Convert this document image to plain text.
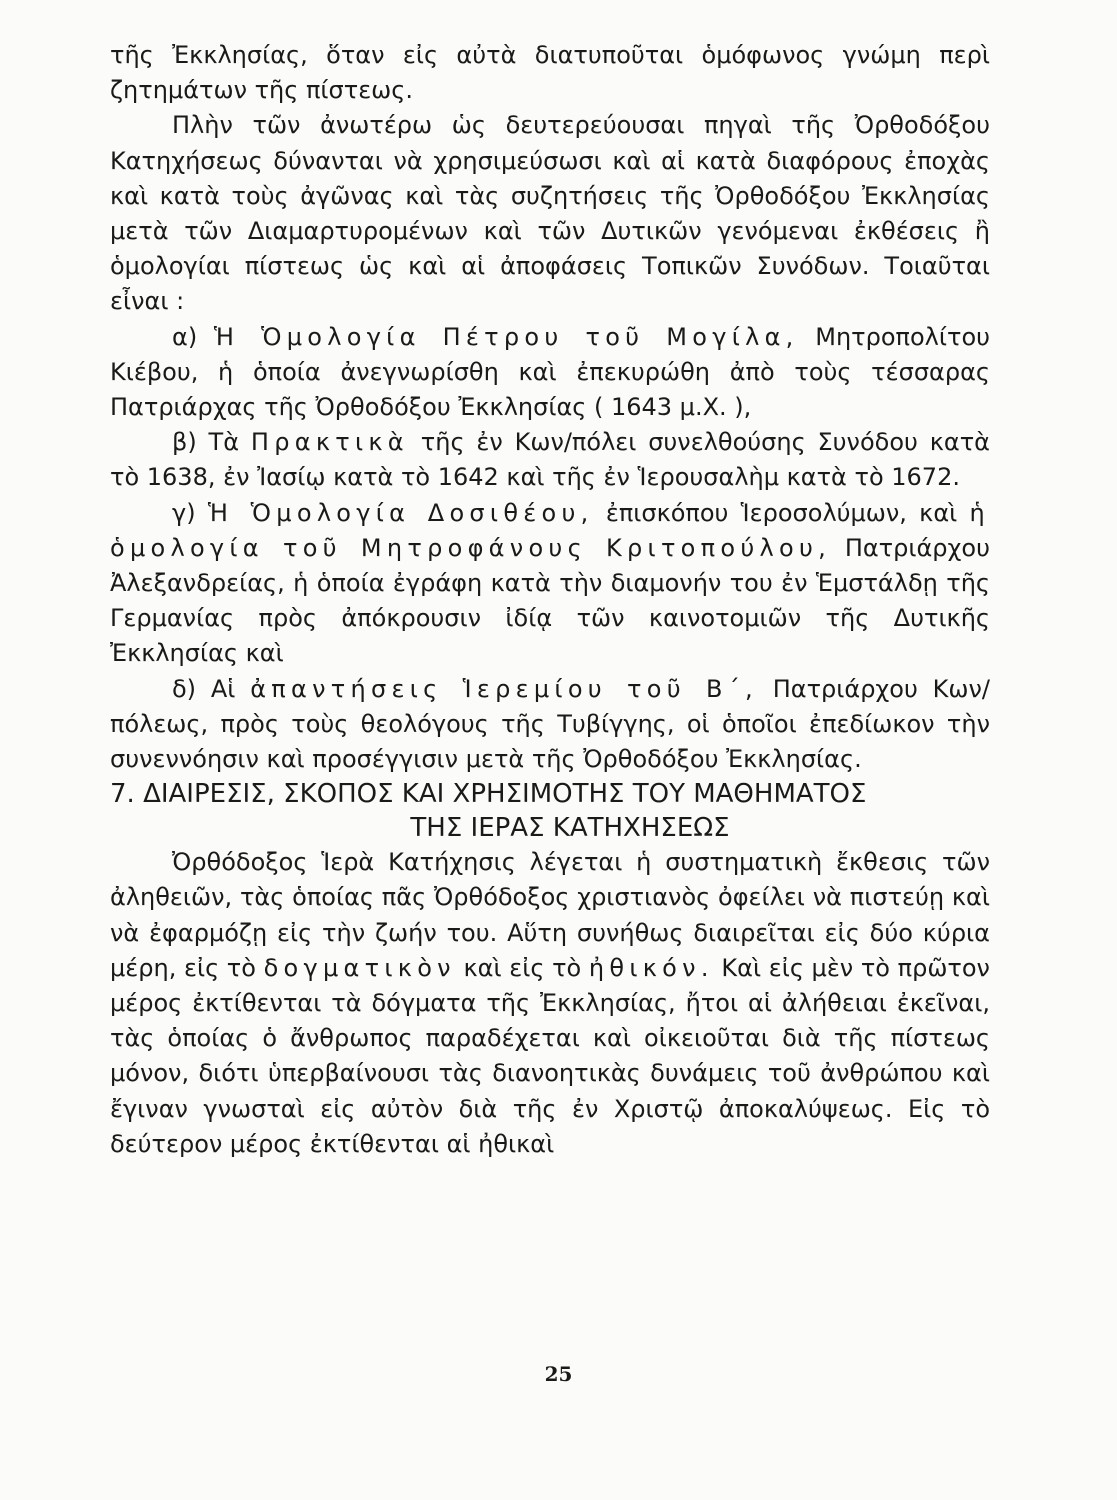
τῆς Ἐκκλησίας, ὅταν εἰς αὐτὰ διατυποῦται ὁμόφωνος γνώμη περὶ ζητημάτων τῆς πίστεως.

Πλὴν τῶν ἀνωτέρω ὡς δευτερεύουσαι πηγαὶ τῆς Ὀρθοδόξου Κατηχήσεως δύνανται νὰ χρησιμεύσωσι καὶ αἱ κατὰ διαφόρους ἐποχὰς καὶ κατὰ τοὺς ἀγῶνας καὶ τὰς συζητήσεις τῆς Ὀρθοδόξου Ἐκκλησίας μετὰ τῶν Διαμαρτυρομένων καὶ τῶν Δυτικῶν γενόμεναι ἐκθέσεις ἢ ὁμολογίαι πίστεως ὡς καὶ αἱ ἀποφάσεις Τοπικῶν Συνόδων. Τοιαῦται εἶναι :

α) Ἡ Ὁμολογία Πέτρου τοῦ Μογίλα, Μητροπολίτου Κιέβου, ἡ ὁποία ἀνεγνωρίσθη καὶ ἐπεκυρώθη ἀπὸ τοὺς τέσσαρας Πατριάρχας τῆς Ὀρθοδόξου Ἐκκλησίας ( 1643 μ.Χ. ),

β) Τὰ Πρακτικὰ τῆς ἐν Κων/πόλει συνελθούσης Συνόδου κατὰ τὸ 1638, ἐν Ἰασίῳ κατὰ τὸ 1642 καὶ τῆς ἐν Ἱερουσαλὴμ κατὰ τὸ 1672.

γ) Ἡ Ὁμολογία Δοσιθέου, ἐπισκόπου Ἱεροσολύμων, καὶ ἡ ὁμολογία τοῦ Μητροφάνους Κριτοπούλου, Πατριάρχου Ἀλεξανδρείας, ἡ ὁποία ἐγράφη κατὰ τὴν διαμονήν του ἐν Ἑμστάλδῃ τῆς Γερμανίας πρὸς ἀπόκρουσιν ἰδίᾳ τῶν καινοτομιῶν τῆς Δυτικῆς Ἐκκλησίας καὶ

δ) Αἱ ἀπαντήσεις Ἱερεμίου τοῦ Β΄, Πατριάρχου Κων/πόλεως, πρὸς τοὺς θεολόγους τῆς Τυβίγγης, οἱ ὁποῖοι ἐπεδίωκον τὴν συνεννόησιν καὶ προσέγγισιν μετὰ τῆς Ὀρθοδόξου Ἐκκλησίας.

7. ΔΙΑΙΡΕΣΙΣ, ΣΚΟΠΟΣ ΚΑΙ ΧΡΗΣΙΜΟΤΗΣ ΤΟΥ ΜΑΘΗΜΑΤΟΣ
ΤΗΣ ΙΕΡΑΣ ΚΑΤΗΧΗΣΕΩΣ

Ὀρθόδοξος Ἱερὰ Κατήχησις λέγεται ἡ συστηματικὴ ἔκθεσις τῶν ἀληθειῶν, τὰς ὁποίας πᾶς Ὀρθόδοξος χριστιανὸς ὀφείλει νὰ πιστεύῃ καὶ νὰ ἐφαρμόζῃ εἰς τὴν ζωήν του. Αὕτη συνήθως διαιρεῖται εἰς δύο κύρια μέρη, εἰς τὸ δογματικὸν καὶ εἰς τὸ ἠθικόν. Καὶ εἰς μὲν τὸ πρῶτον μέρος ἐκτίθενται τὰ δόγματα τῆς Ἐκκλησίας, ἤτοι αἱ ἀλήθειαι ἐκεῖναι, τὰς ὁποίας ὁ ἄνθρωπος παραδέχεται καὶ οἰκειοῦται διὰ τῆς πίστεως μόνον, διότι ὑπερβαίνουσι τὰς διανοητικὰς δυνάμεις τοῦ ἀνθρώπου καὶ ἔγιναν γνωσταὶ εἰς αὐτὸν διὰ τῆς ἐν Χριστῷ ἀποκαλύψεως. Εἰς τὸ δεύτερον μέρος ἐκτίθενται αἱ ἠθικαὶ

25
